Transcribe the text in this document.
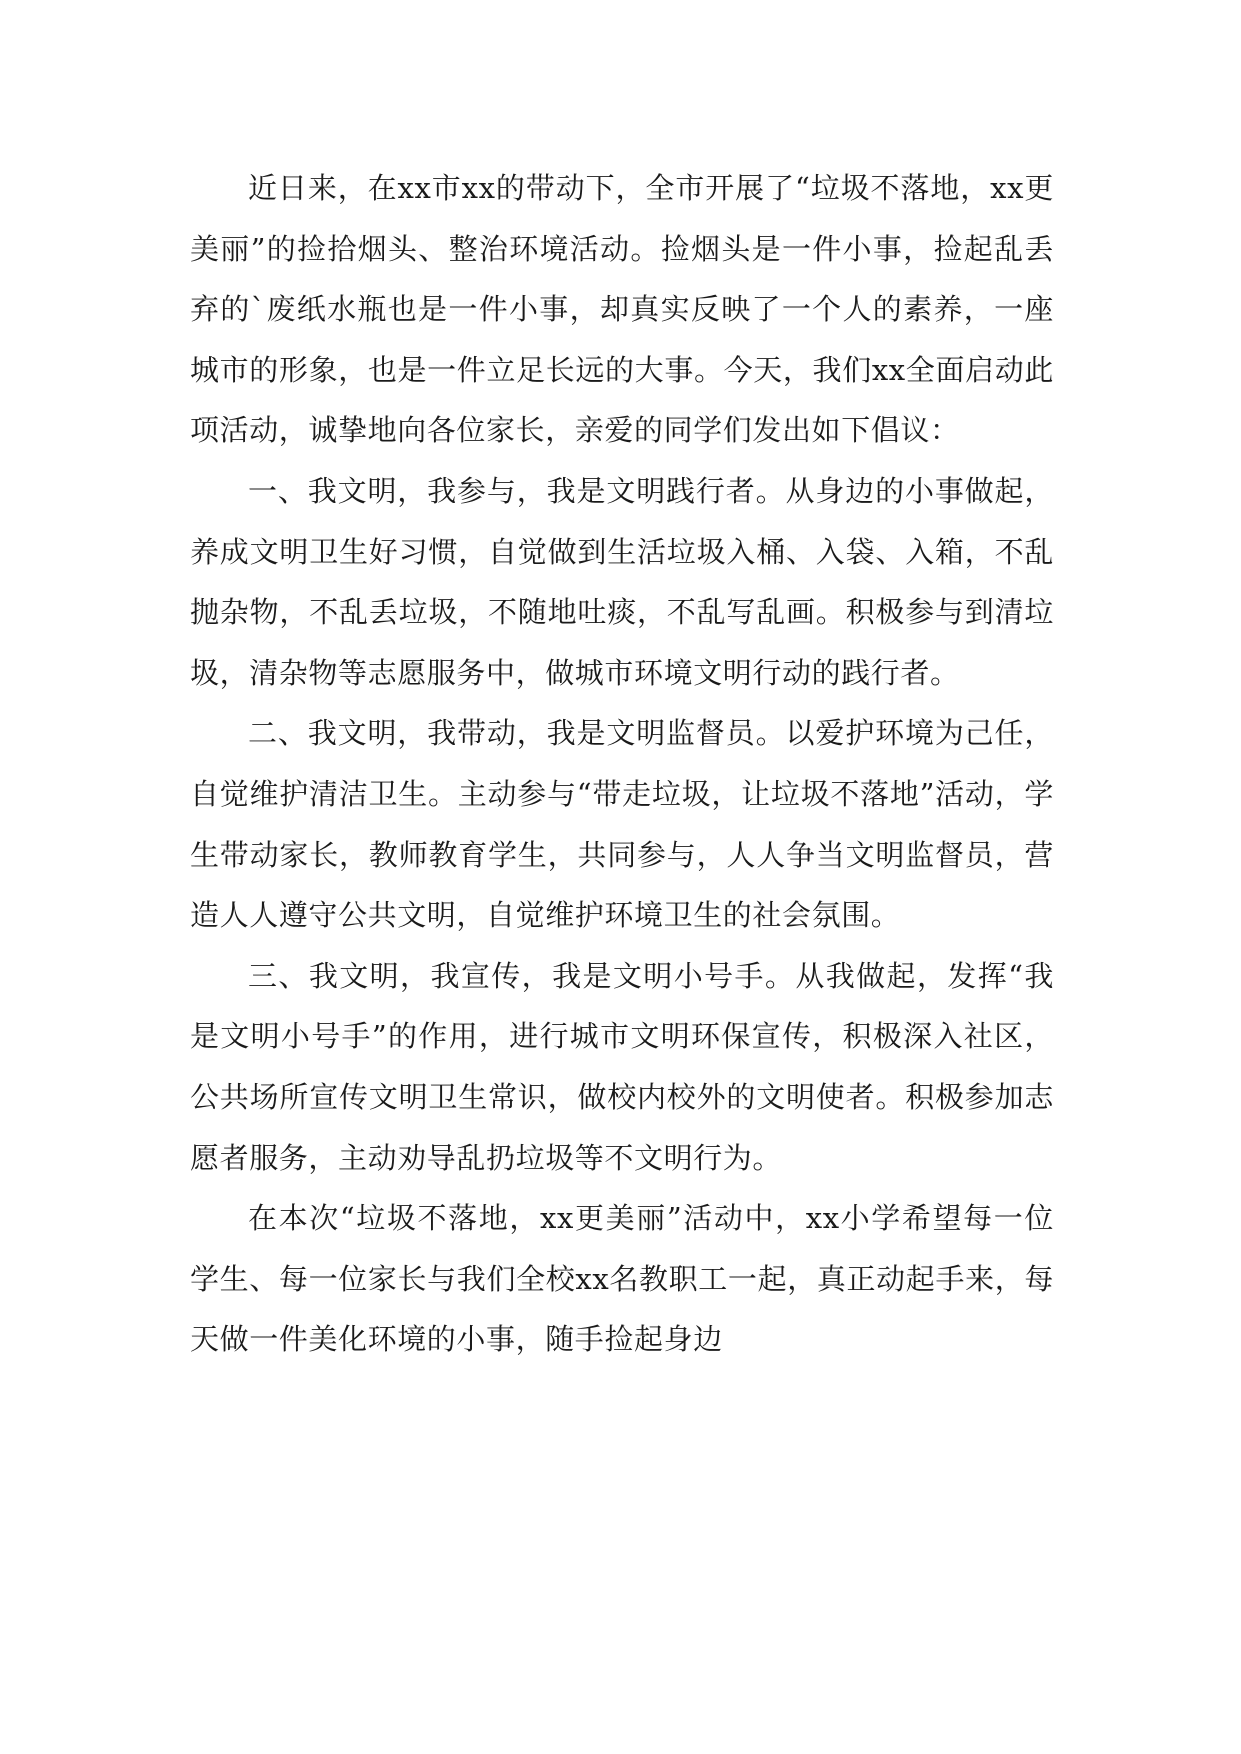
近日来，在xx市xx的带动下，全市开展了“垃圾不落地，xx更美丽”的捡拾烟头、整治环境活动。捡烟头是一件小事，捡起乱丢弃的`废纸水瓶也是一件小事，却真实反映了一个人的素养，一座城市的形象，也是一件立足长远的大事。今天，我们xx全面启动此项活动，诚挚地向各位家长，亲爱的同学们发出如下倡议：

一、我文明，我参与，我是文明践行者。从身边的小事做起，养成文明卫生好习惯，自觉做到生活垃圾入桶、入袋、入箱，不乱抛杂物，不乱丢垃圾，不随地吐痰，不乱写乱画。积极参与到清垃圾，清杂物等志愿服务中，做城市环境文明行动的践行者。

二、我文明，我带动，我是文明监督员。以爱护环境为己任，自觉维护清洁卫生。主动参与“带走垃圾，让垃圾不落地”活动，学生带动家长，教师教育学生，共同参与，人人争当文明监督员，营造人人遵守公共文明，自觉维护环境卫生的社会氛围。

三、我文明，我宣传，我是文明小号手。从我做起，发挥“我是文明小号手”的作用，进行城市文明环保宣传，积极深入社区，公共场所宣传文明卫生常识，做校内校外的文明使者。积极参加志愿者服务，主动劝导乱扔垃圾等不文明行为。

在本次“垃圾不落地，xx更美丽”活动中，xx小学希望每一位学生、每一位家长与我们全校xx名教职工一起，真正动起手来，每天做一件美化环境的小事，随手捡起身边
